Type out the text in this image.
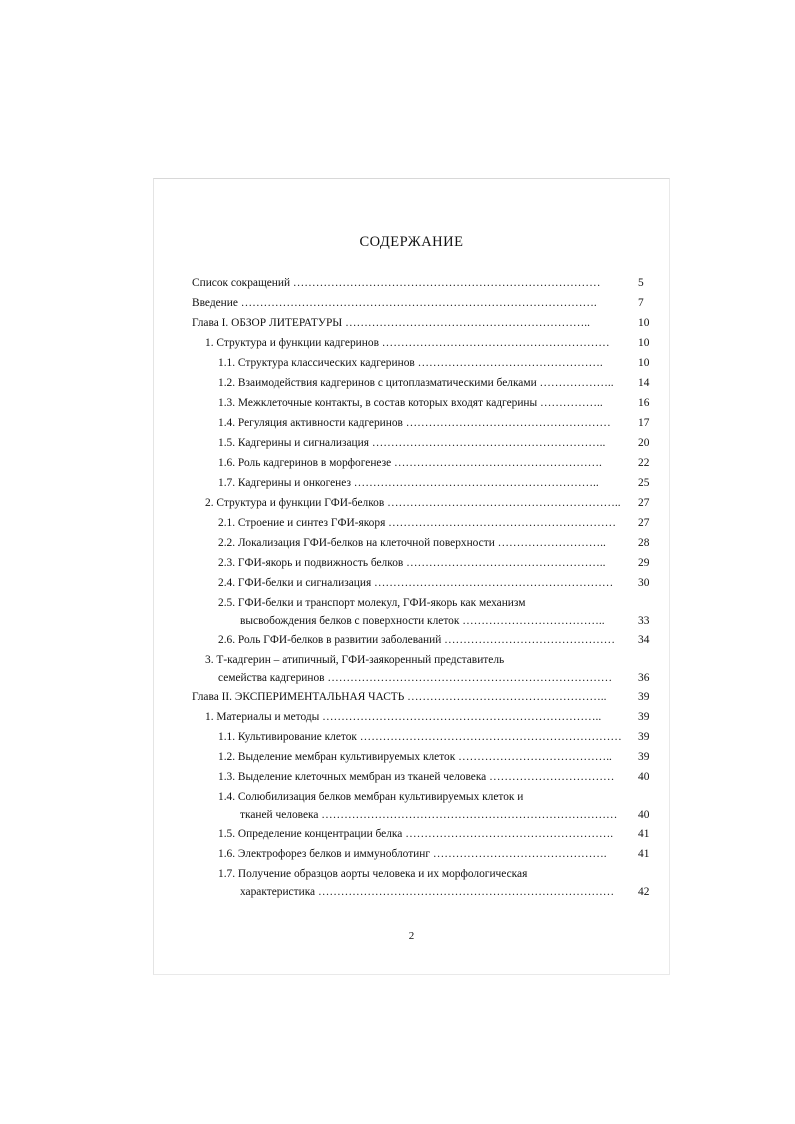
СОДЕРЖАНИЕ
Список сокращений ………………………………………………………………………	5
Введение ………………………………………………………………………………….	7
Глава I. ОБЗОР ЛИТЕРАТУРЫ ………………………………………………………..	10
1. Структура и функции кадгеринов …………………………………………………… 10
1.1. Структура классических кадгеринов ………………………………………….	10
1.2. Взаимодействия кадгеринов с цитоплазматическими белками ……………….. 14
1.3. Межклеточные контакты, в состав которых входят кадгерины ……………..	16
1.4. Регуляция активности кадгеринов ……………………………………………… 17
1.5. Кадгерины и сигнализация ……………………………………………………..	20
1.6. Роль кадгеринов в морфогенезе ……………………………………………….	22
1.7. Кадгерины и онкогенез ………………………………………………………..	25
2. Структура и функции ГФИ-белков …………………………………………………….. 27
2.1. Строение и синтез ГФИ-якоря …………………………………………………… 27
2.2. Локализация ГФИ-белков на клеточной поверхности ………………………..	28
2.3. ГФИ-якорь и подвижность белков ……………………………………………..	29
2.4. ГФИ-белки и сигнализация ……………………………………………………… 30
2.5. ГФИ-белки и транспорт молекул, ГФИ-якорь как механизм
высвобождения белков с поверхности клеток ………………………………..	33
2.6. Роль ГФИ-белков в развитии заболеваний ……………………………………… 34
3. Т-кадгерин – атипичный, ГФИ-заякоренный представитель
семейства кадгеринов ………………………………………………………………… 36
Глава II. ЭКСПЕРИМЕНТАЛЬНАЯ ЧАСТЬ ……………………………………………..	39
1. Материалы и методы ………………………………………………………………..	39
1.1. Культивирование клеток …………………………………………………………… 39
1.2. Выделение мембран культивируемых клеток ………………………………….. 39
1.3. Выделение клеточных мембран из тканей человека …………………………… 40
1.4. Солюбилизация белков мембран культивируемых клеток и
тканей человека …………………………………………………………………… 40
1.5. Определение концентрации белка ………………………………………………. 41
1.6. Электрофорез белков и иммуноблотинг ……………………………………….	41
1.7. Получение образцов аорты человека и их морфологическая
характеристика …………………………………………………………………… 42
2
